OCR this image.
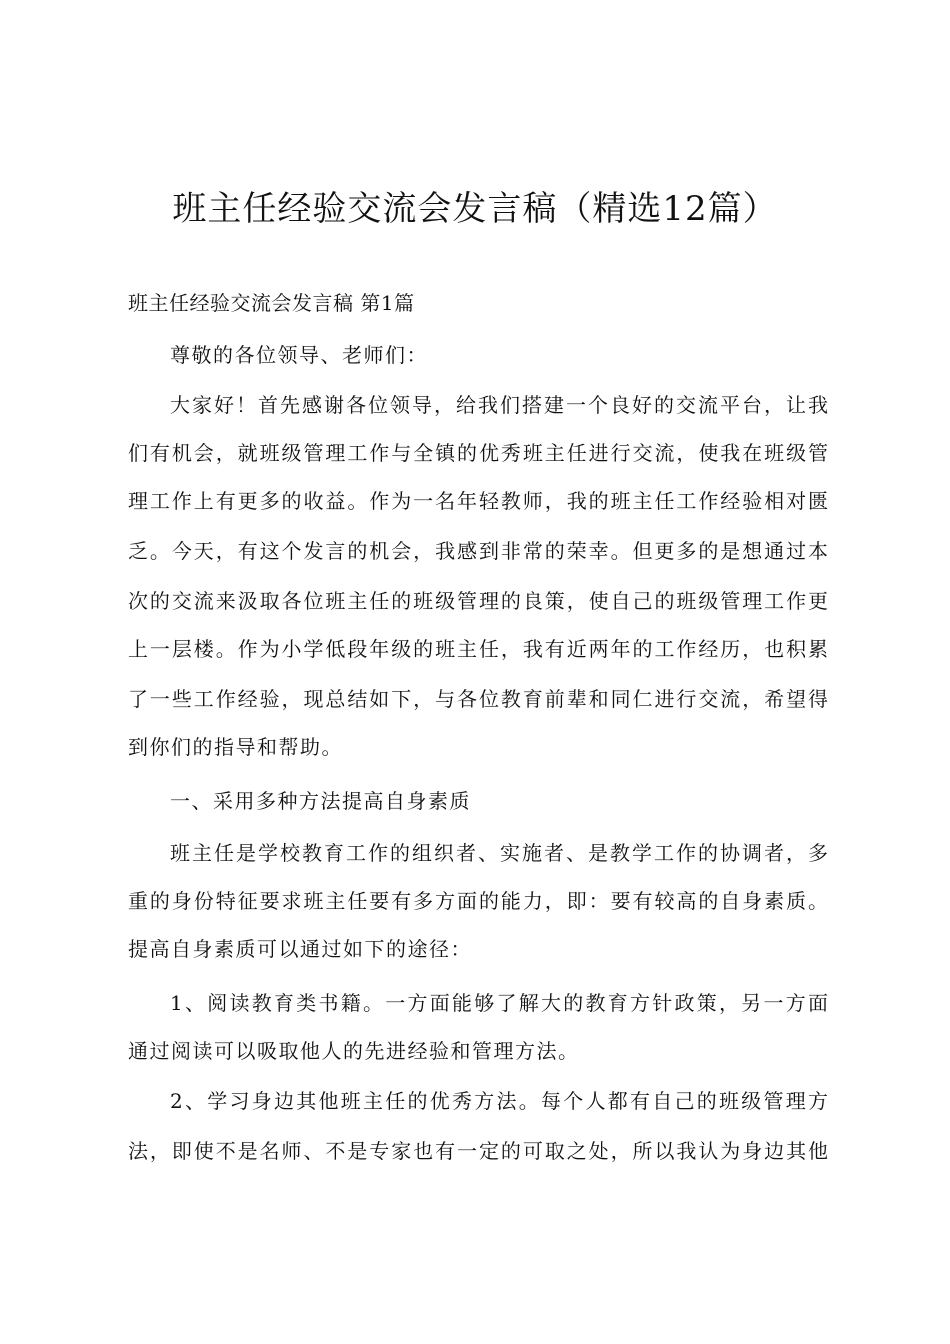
班主任经验交流会发言稿（精选12篇）
班主任经验交流会发言稿 第1篇

尊敬的各位领导、老师们：

大家好！首先感谢各位领导，给我们搭建一个良好的交流平台，让我

们有机会，就班级管理工作与全镇的优秀班主任进行交流，使我在班级管

理工作上有更多的收益。作为一名年轻教师，我的班主任工作经验相对匮

乏。今天，有这个发言的机会，我感到非常的荣幸。但更多的是想通过本

次的交流来汲取各位班主任的班级管理的良策，使自己的班级管理工作更

上一层楼。作为小学低段年级的班主任，我有近两年的工作经历，也积累

了一些工作经验，现总结如下，与各位教育前辈和同仁进行交流，希望得

到你们的指导和帮助。

一、采用多种方法提高自身素质

班主任是学校教育工作的组织者、实施者、是教学工作的协调者，多

重的身份特征要求班主任要有多方面的能力，即：要有较高的自身素质。

提高自身素质可以通过如下的途径：

1、阅读教育类书籍。一方面能够了解大的教育方针政策，另一方面

通过阅读可以吸取他人的先进经验和管理方法。

2、学习身边其他班主任的优秀方法。每个人都有自己的班级管理方

法，即使不是名师、不是专家也有一定的可取之处，所以我认为身边其他
